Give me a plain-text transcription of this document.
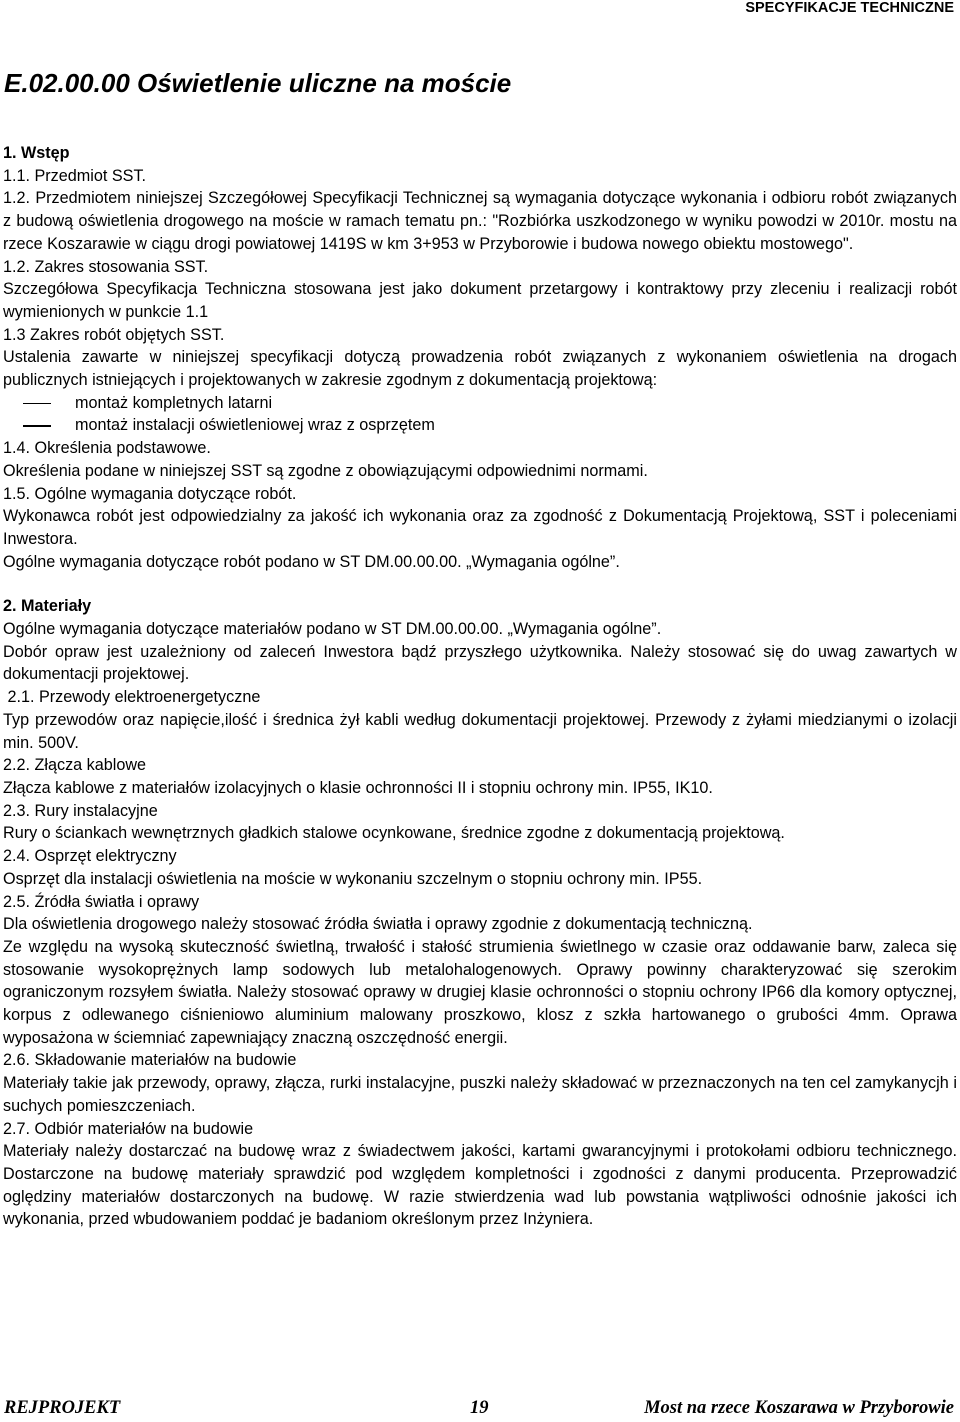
SPECYFIKACJE TECHNICZNE
E.02.00.00 Oświetlenie uliczne na moście

1. Wstęp

1.1. Przedmiot SST.

1.2. Przedmiotem niniejszej Szczegółowej Specyfikacji Technicznej są wymagania dotyczące wykonania i odbioru robót związanych z budową oświetlenia drogowego na moście w ramach tematu pn.: "Rozbiórka uszkodzonego w wyniku powodzi w 2010r. mostu na rzece Koszarawie w ciągu drogi powiatowej 1419S w km 3+953 w Przyborowie i budowa nowego obiektu mostowego".

1.2. Zakres stosowania SST.

Szczegółowa Specyfikacja Techniczna stosowana jest jako dokument przetargowy i kontraktowy przy zleceniu i realizacji robót wymienionych w punkcie 1.1

1.3 Zakres robót objętych SST.

Ustalenia zawarte w niniejszej specyfikacji dotyczą prowadzenia robót związanych z wykonaniem oświetlenia na drogach publicznych istniejących i projektowanych w zakresie zgodnym z dokumentacją projektową:

montaż kompletnych latarni

montaż instalacji oświetleniowej wraz z osprzętem

1.4. Określenia podstawowe.

Określenia podane w niniejszej SST są zgodne z obowiązującymi odpowiednimi normami.

1.5. Ogólne wymagania dotyczące robót.

Wykonawca robót jest odpowiedzialny za jakość ich wykonania oraz za zgodność z Dokumentacją Projektową, SST i poleceniami Inwestora.

Ogólne wymagania dotyczące robót podano w ST DM.00.00.00. „Wymagania ogólne”.

2. Materiały

Ogólne wymagania dotyczące materiałów podano w ST DM.00.00.00. „Wymagania ogólne”.

Dobór opraw jest uzależniony od zaleceń Inwestora bądź przyszłego użytkownika. Należy stosować się do uwag zawartych w dokumentacji projektowej.

2.1. Przewody elektroenergetyczne

Typ przewodów oraz napięcie,ilość i średnica żył kabli według dokumentacji projektowej. Przewody z żyłami miedzianymi o izolacji min. 500V.

2.2. Złącza kablowe

Złącza kablowe z materiałów izolacyjnych o klasie ochronności II i stopniu ochrony min. IP55, IK10.

2.3. Rury instalacyjne

Rury o ściankach wewnętrznych gładkich stalowe ocynkowane, średnice zgodne z dokumentacją projektową.

2.4. Osprzęt elektryczny

Osprzęt dla instalacji oświetlenia na moście w wykonaniu szczelnym o stopniu ochrony min. IP55.

2.5. Źródła światła i oprawy

Dla oświetlenia drogowego należy stosować źródła światła i oprawy zgodnie z dokumentacją techniczną.

Ze względu na wysoką skuteczność świetlną, trwałość i stałość strumienia świetlnego w czasie oraz oddawanie barw, zaleca się stosowanie wysokoprężnych lamp sodowych lub metalohalogenowych. Oprawy powinny charakteryzować się szerokim ograniczonym rozsyłem światła. Należy stosować oprawy w drugiej klasie ochronności o stopniu ochrony IP66 dla komory optycznej, korpus z odlewanego ciśnieniowo aluminium malowany proszkowo, klosz z szkła hartowanego o grubości 4mm. Oprawa wyposażona w ściemniać zapewniający znaczną oszczędność energii.

2.6. Składowanie materiałów na budowie

Materiały takie jak przewody, oprawy, złącza, rurki instalacyjne, puszki należy składować w przeznaczonych na ten cel zamykanycjh i suchych pomieszczeniach.

2.7. Odbiór materiałów na budowie

Materiały należy dostarczać na budowę wraz z świadectwem jakości, kartami gwarancyjnymi i protokołami odbioru technicznego. Dostarczone na budowę materiały sprawdzić pod względem kompletności i zgodności z danymi producenta. Przeprowadzić oględziny materiałów dostarczonych na budowę. W razie stwierdzenia wad lub powstania wątpliwości odnośnie jakości ich wykonania, przed wbudowaniem poddać je badaniom określonym przez Inżyniera.

REJPROJEKT	19	Most na rzece Koszarawa w Przyborowie
